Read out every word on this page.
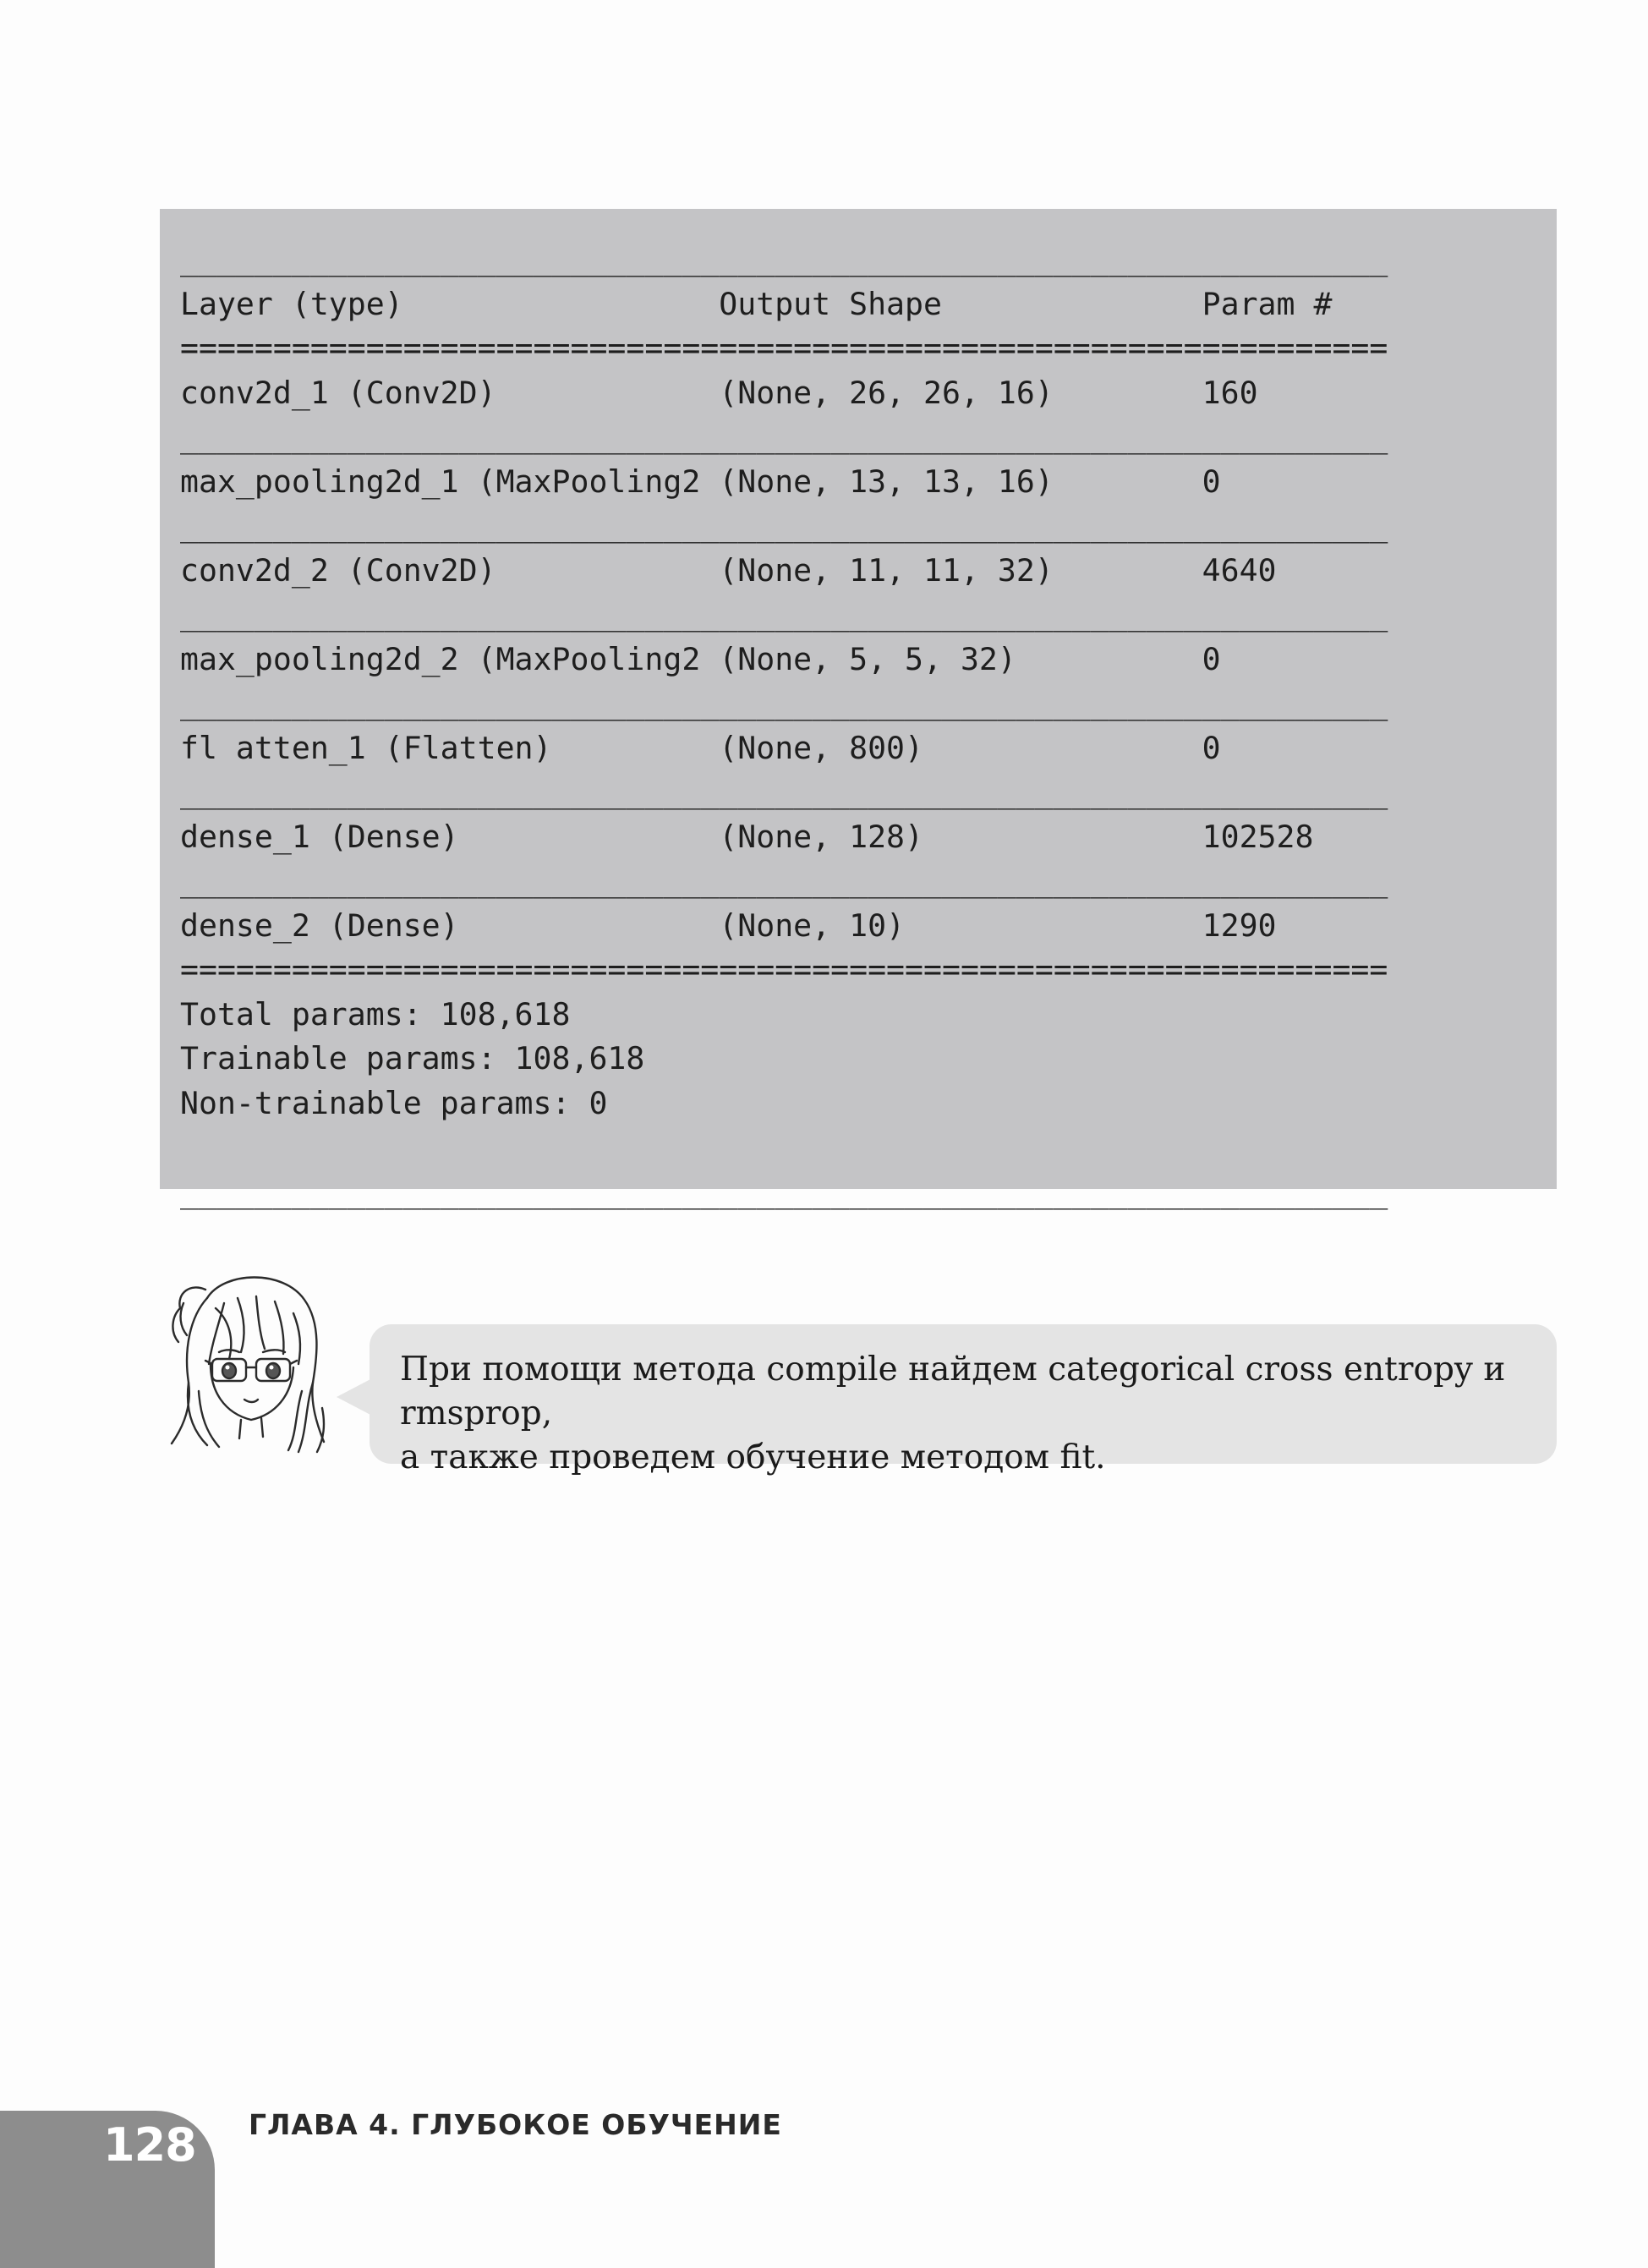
_________________________________________________________________
Layer (type)                 Output Shape              Param #
=================================================================
conv2d_1 (Conv2D)            (None, 26, 26, 16)        160
_________________________________________________________________
max_pooling2d_1 (MaxPooling2 (None, 13, 13, 16)        0
_________________________________________________________________
conv2d_2 (Conv2D)            (None, 11, 11, 32)        4640
_________________________________________________________________
max_pooling2d_2 (MaxPooling2 (None, 5, 5, 32)          0
_________________________________________________________________
fl atten_1 (Flatten)         (None, 800)               0
_________________________________________________________________
dense_1 (Dense)              (None, 128)               102528
_________________________________________________________________
dense_2 (Dense)              (None, 10)                1290
=================================================================
Total params: 108,618
Trainable params: 108,618
Non-trainable params: 0
_________________________________________________________________
При помощи метода compile найдем categorical cross entropy и rmsprop,
а также проведем обучение методом fit.
128 ГЛАВА 4. ГЛУБОКОЕ ОБУЧЕНИЕ
